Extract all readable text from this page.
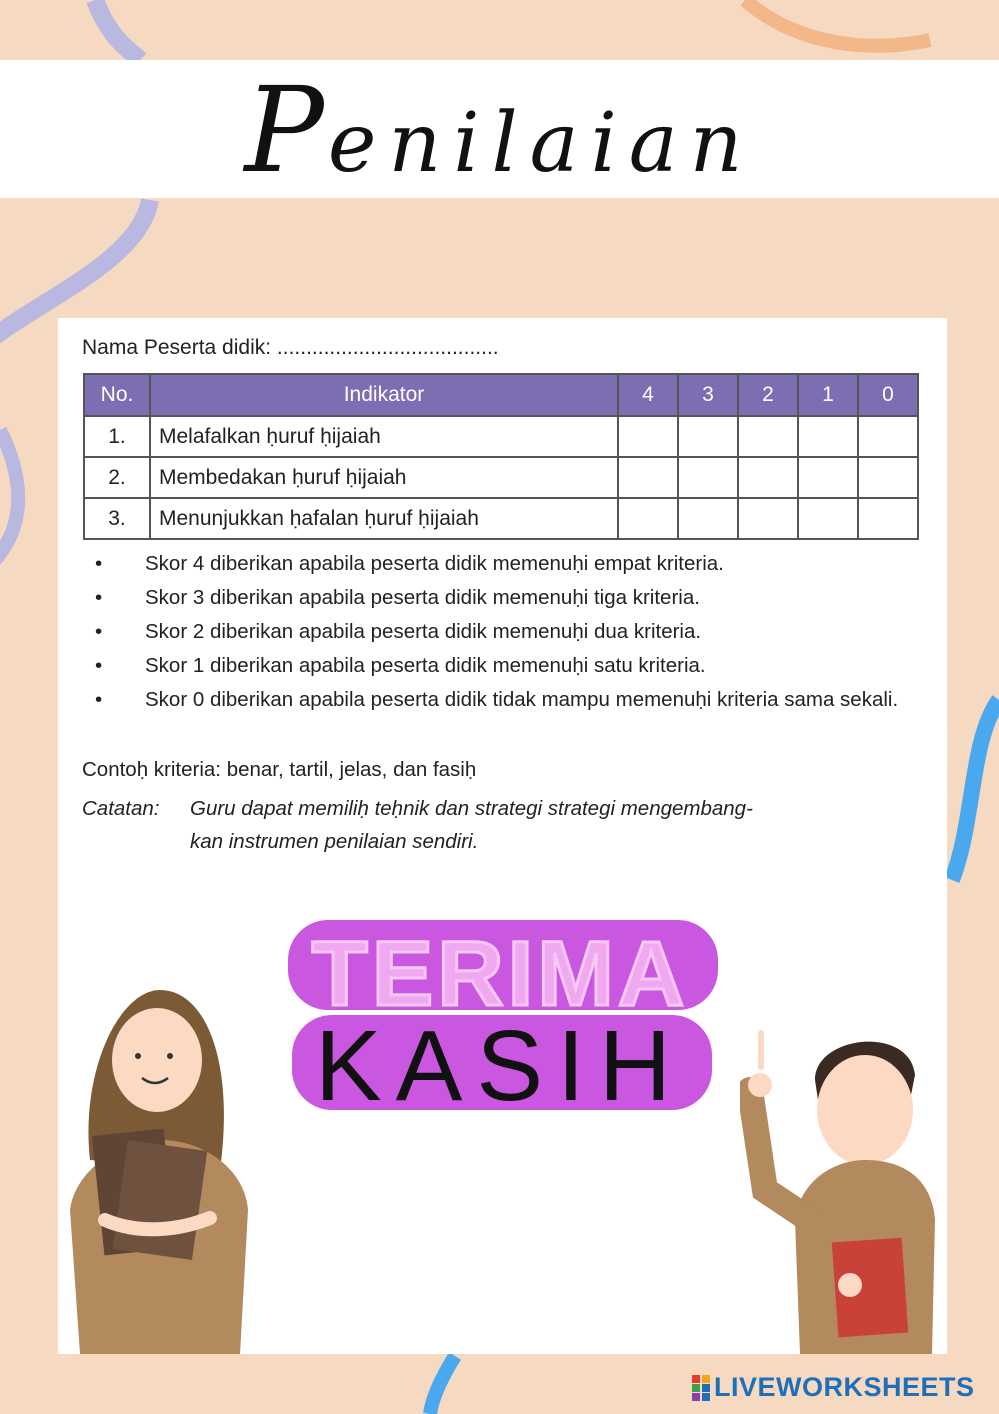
Penilaian
Nama Peserta didik: ......................................
No.	Indikator	4	3	2	1	0
1.	Melafalkan ḥuruf ḥijaiah					
2.	Membedakan ḥuruf ḥijaiah					
3.	Menunjukkan ḥafalan ḥuruf ḥijaiah					
•	Skor 4 diberikan apabila peserta didik memenuḥi empat kriteria.
•	Skor 3 diberikan apabila peserta didik memenuḥi tiga kriteria.
•	Skor 2 diberikan apabila peserta didik memenuḥi dua kriteria.
•	Skor 1 diberikan apabila peserta didik memenuḥi satu kriteria.
•	Skor 0 diberikan apabila peserta didik tidak mampu memenuḥi kriteria sama sekali.
Contoḥ kriteria: benar, tartil, jelas, dan fasiḥ
Catatan: Guru dapat memiliḥ teḥnik dan strategi strategi mengembang-
kan instrumen penilaian sendiri.
TERIMA
KASIH
LIVEWORKSHEETS
